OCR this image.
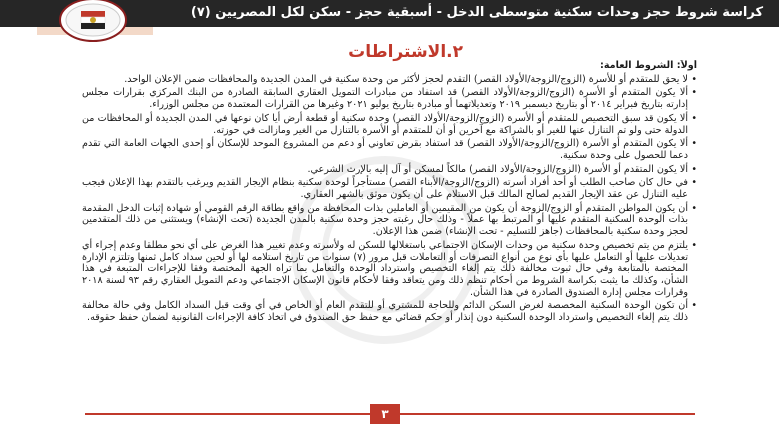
كراسة شروط حجز وحدات سكنية متوسطى الدخل - أسبقية حجز - سكن لكل المصريين (٧)
٢.الاشتراطات

أولاً: الشروط العامة:

• لا يحق للمتقدم أو للأسرة (الزوج/الزوجة/الأولاد القصر) التقدم لحجز لأكثر من وحدة سكنية في المدن الجديدة والمحافظات ضمن الإعلان الواحد.

• ألا يكون المتقدم أو الأسرة (الزوج/الزوجة/الأولاد القصر) قد استفاد من مبادرات التمويل العقاري السابقة الصادرة من البنك المركزي بقرارات مجلس إدارته بتاريخ فبراير ٢٠١٤ أو بتاريخ ديسمبر ٢٠١٩ وتعديلاتهما أو مبادرة بتاريخ يوليو ٢٠٢١ وغيرها من القرارات المعتمدة من مجلس الوزراء.

• ألا يكون قد سبق التخصيص للمتقدم أو الأسرة (الزوج/الزوجة/الأولاد القصر) وحدة سكنية أو قطعة أرض أيا كان نوعها في المدن الجديدة أو المحافظات من الدولة حتى ولو تم التنازل عنها للغير أو بالشراكة مع آخرين أو أن للمتقدم أو الأسرة بالتنازل من الغير ومازالت في حوزته.

• ألا يكون المتقدم أو الأسرة (الزوج/الزوجة/الأولاد القصر) قد استفاد بقرض تعاوني أو دعم من المشروع الموحد للإسكان أو إحدى الجهات العامة التي تقدم دعما للحصول على وحدة سكنية.

• ألا يكون المتقدم أو الأسرة (الزوج/الزوجة/الأولاد القصر) مالكاً لمسكن أو آل إليه بالإرث الشرعي.

• في حال كان صاحب الطلب أو أحد أفراد أسرته (الزوج/الزوجة/الأبناء القصر) مستأجراً لوحدة سكنية بنظام الإيجار القديم ويرغب بالتقدم بهذا الإعلان فيجب عليه التنازل عن عقد الإيجار القديم لصالح المالك قبل الاستلام على أن يكون موثق بالشهر العقاري.

• أن يكون المواطن المتقدم أو الزوج/الزوجة أن يكون من المقيمين أو العاملين بذات المحافظة من واقع بطاقة الرقم القومي أو شهادة إثبات الدخل المقدمة بذات الوحدة السكنية المتقدم عليها أو المرتبط بها عملاً - وذلك حال رغبته حجز وحدة سكنية بالمدن الجديدة (تحت الإنشاء) ويستثنى من ذلك المتقدمين لحجز وحدة سكنية بالمحافظات (جاهز للتسليم - تحت الإنشاء) ضمن هذا الإعلان.

• يلتزم من يتم تخصيص وحدة سكنية من وحدات الإسكان الاجتماعي باستغلالها للسكن له ولأسرته وعدم تغيير هذا الغرض على أي نحو مطلقا وعدم إجراء أي تعديلات عليها أو التعامل عليها بأي نوع من أنواع التصرفات أو التعاملات قبل مرور (٧) سنوات من تاريخ استلامه لها أو لحين سداد كامل ثمنها وتلتزم الإدارة المختصة بالمتابعة وفي حال ثبوت مخالفة ذلك يتم إلغاء التخصيص واسترداد الوحدة والتعامل بما تراه الجهة المختصة وفقا للإجراءات المتبعة في هذا الشأن، وكذلك ما يثبت بكراسة الشروط من أحكام تنظم ذلك ومن يتعاقد وفقا لأحكام قانون الإسكان الاجتماعي ودعم التمويل العقاري رقم ٩٣ لسنة ٢٠١٨ وقرارات مجلس إدارة الصندوق الصادرة في هذا الشأن.

• أن تكون الوحدة السكنية المخصصة لغرض السكن الدائم وللحاجة للمشتري أو للتقدم العام أو الخاص في أي وقت قبل السداد الكامل وفي حالة مخالفة ذلك يتم إلغاء التخصيص واسترداد الوحدة السكنية دون إنذار أو حكم قضائي مع حفظ حق الصندوق في اتخاذ كافة الإجراءات القانونية لضمان حفظ حقوقه.

٣
